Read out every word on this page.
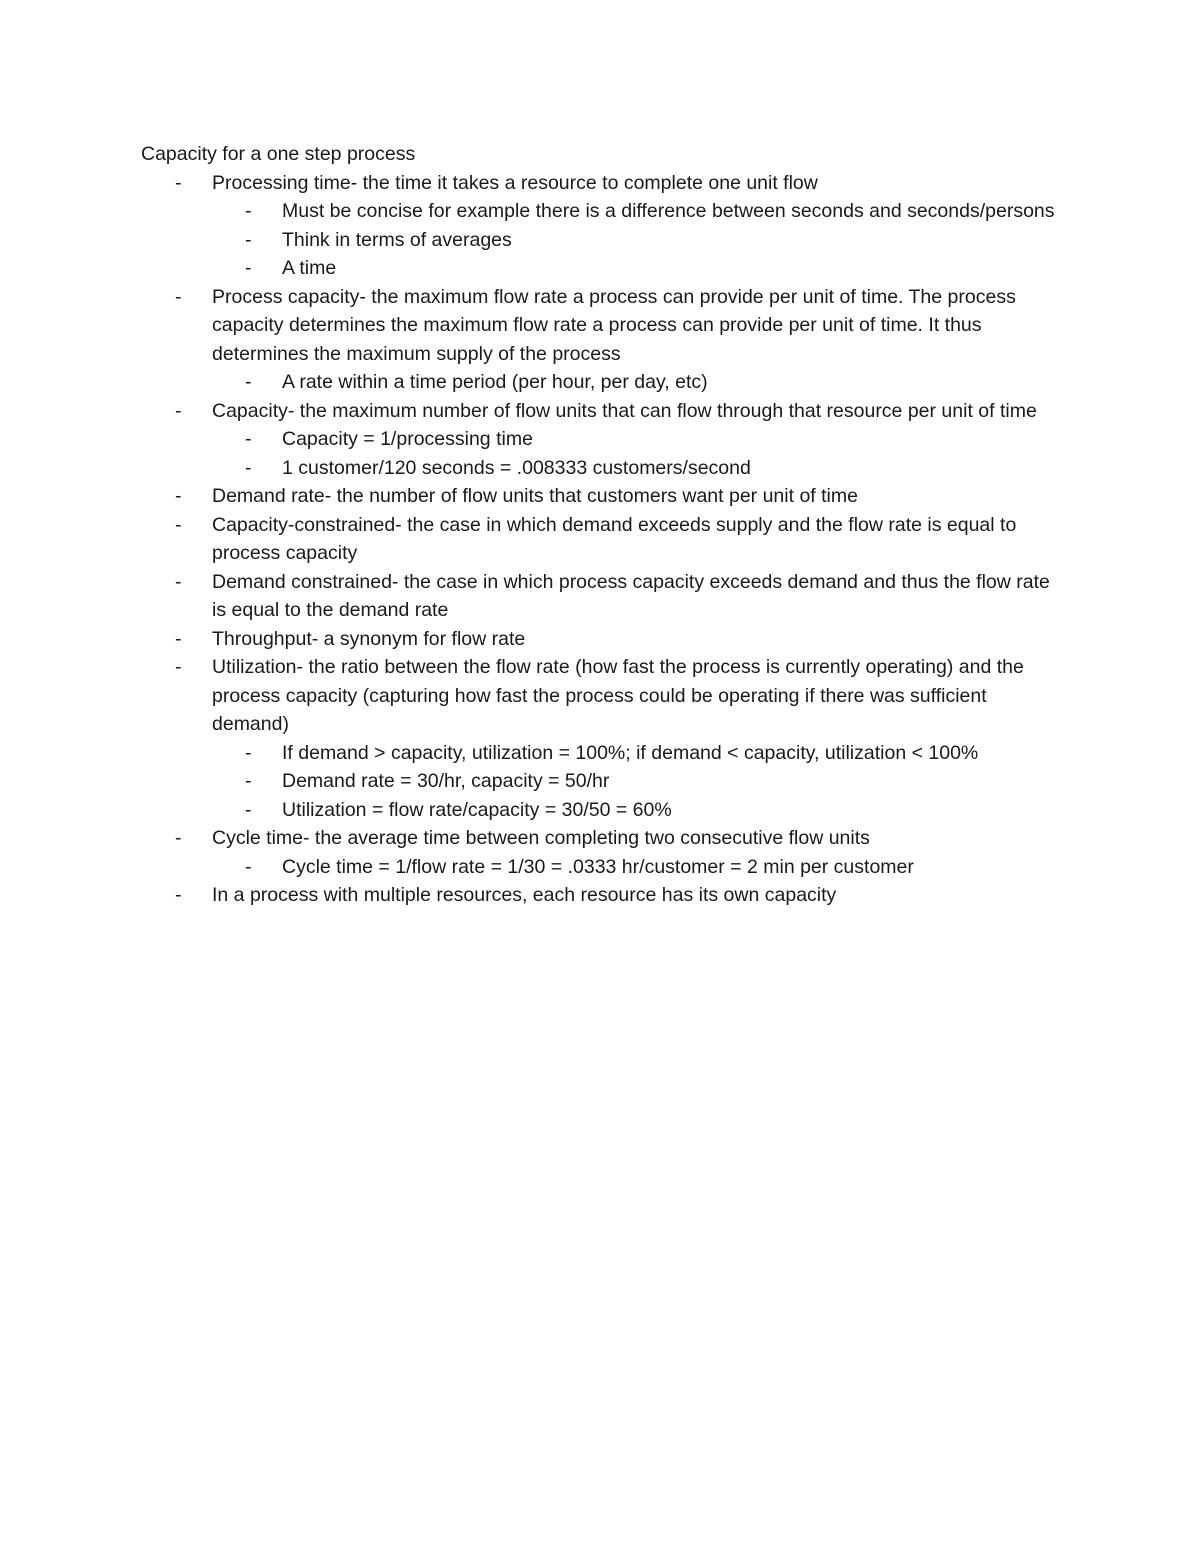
Capacity for a one step process
- Processing time- the time it takes a resource to complete one unit flow
- Must be concise for example there is a difference between seconds and seconds/persons
- Think in terms of averages
- A time
- Process capacity- the maximum flow rate a process can provide per unit of time. The process capacity determines the maximum flow rate a process can provide per unit of time. It thus determines the maximum supply of the process
- A rate within a time period (per hour, per day, etc)
- Capacity- the maximum number of flow units that can flow through that resource per unit of time
- Capacity = 1/processing time
- 1 customer/120 seconds = .008333 customers/second
- Demand rate- the number of flow units that customers want per unit of time
- Capacity-constrained- the case in which demand exceeds supply and the flow rate is equal to process capacity
- Demand constrained- the case in which process capacity exceeds demand and thus the flow rate is equal to the demand rate
- Throughput- a synonym for flow rate
- Utilization- the ratio between the flow rate (how fast the process is currently operating) and the process capacity (capturing how fast the process could be operating if there was sufficient demand)
- If demand > capacity, utilization = 100%; if demand < capacity, utilization < 100%
- Demand rate = 30/hr, capacity = 50/hr
- Utilization = flow rate/capacity = 30/50 = 60%
- Cycle time- the average time between completing two consecutive flow units
- Cycle time = 1/flow rate = 1/30 = .0333 hr/customer = 2 min per customer
- In a process with multiple resources, each resource has its own capacity
